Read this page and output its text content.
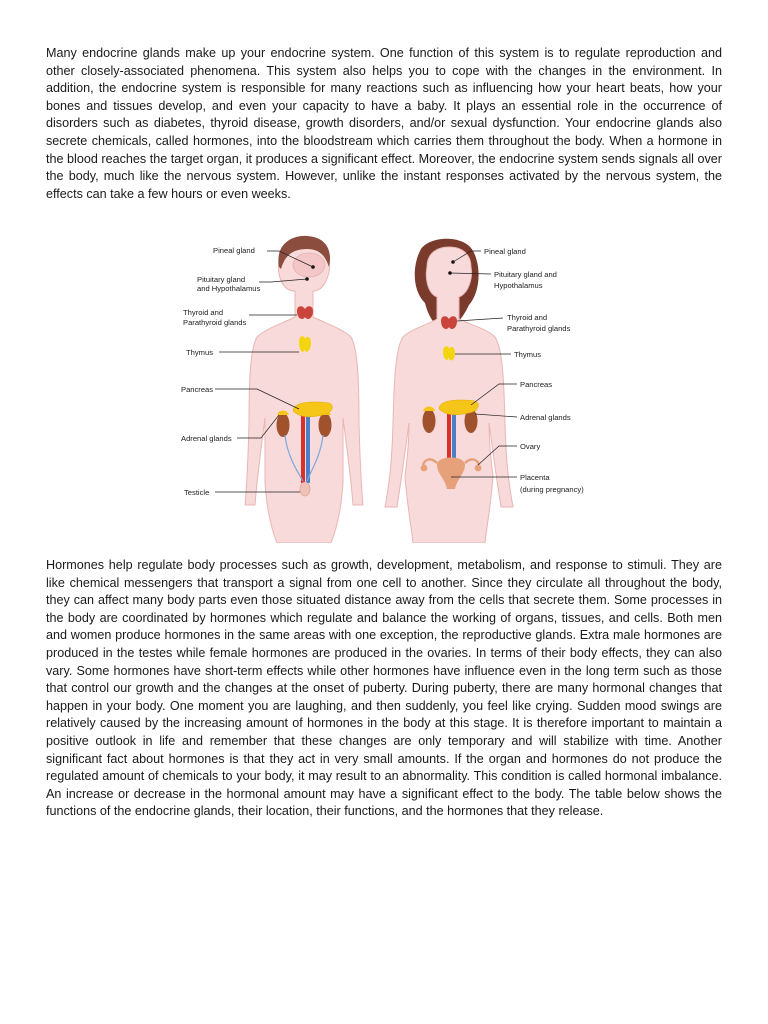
Many endocrine glands make up your endocrine system. One function of this system is to regulate reproduction and other closely-associated phenomena. This system also helps you to cope with the changes in the environment. In addition, the endocrine system is responsible for many reactions such as influencing how your heart beats, how your bones and tissues develop, and even your capacity to have a baby. It plays an essential role in the occurrence of disorders such as diabetes, thyroid disease, growth disorders, and/or sexual dysfunction. Your endocrine glands also secrete chemicals, called hormones, into the bloodstream which carries them throughout the body. When a hormone in the blood reaches the target organ, it produces a significant effect. Moreover, the endocrine system sends signals all over the body, much like the nervous system. However, unlike the instant responses activated by the nervous system, the effects can take a few hours or even weeks.

Pineal gland
Pituitary gland
and Hypothalamus
Thyroid and
Parathyroid glands
Thymus
Pancreas
Adrenal glands
Testicle
Pineal gland
Pituitary gland and
Hypothalamus
Thyroid and
Parathyroid glands
Thymus
Pancreas
Adrenal glands
Ovary
Placenta
(during pregnancy)

Hormones help regulate body processes such as growth, development, metabolism, and response to stimuli. They are like chemical messengers that transport a signal from one cell to another. Since they circulate all throughout the body, they can affect many body parts even those situated distance away from the cells that secrete them. Some processes in the body are coordinated by hormones which regulate and balance the working of organs, tissues, and cells. Both men and women produce hormones in the same areas with one exception, the reproductive glands. Extra male hormones are produced in the testes while female hormones are produced in the ovaries. In terms of their body effects, they can also vary. Some hormones have short-term effects while other hormones have influence even in the long term such as those that control our growth and the changes at the onset of puberty. During puberty, there are many hormonal changes that happen in your body. One moment you are laughing, and then suddenly, you feel like crying. Sudden mood swings are relatively caused by the increasing amount of hormones in the body at this stage. It is therefore important to maintain a positive outlook in life and remember that these changes are only temporary and will stabilize with time. Another significant fact about hormones is that they act in very small amounts. If the organ and hormones do not produce the regulated amount of chemicals to your body, it may result to an abnormality. This condition is called hormonal imbalance. An increase or decrease in the hormonal amount may have a significant effect to the body. The table below shows the functions of the endocrine glands, their location, their functions, and the hormones that they release.
